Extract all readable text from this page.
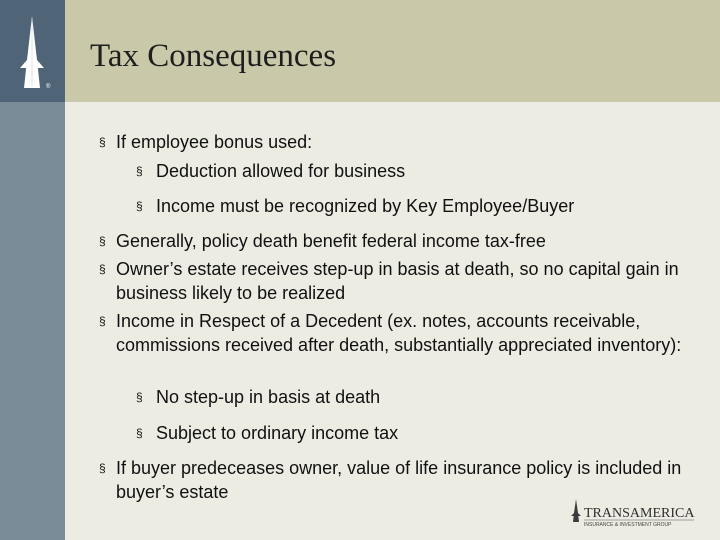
®
Tax Consequences
§ If employee bonus used:
§ Deduction allowed for business
§ Income must be recognized by Key Employee/Buyer
§ Generally, policy death benefit federal income tax-free
§ Owner’s estate receives step-up in basis at death, so no capital gain in business likely to be realized
§ Income in Respect of a Decedent (ex. notes, accounts receivable, commissions received after death, substantially appreciated inventory):
§ No step-up in basis at death
§ Subject to ordinary income tax
§ If buyer predeceases owner, value of life insurance policy is included in buyer’s estate
TRANSAMERICA
INSURANCE & INVESTMENT GROUP
